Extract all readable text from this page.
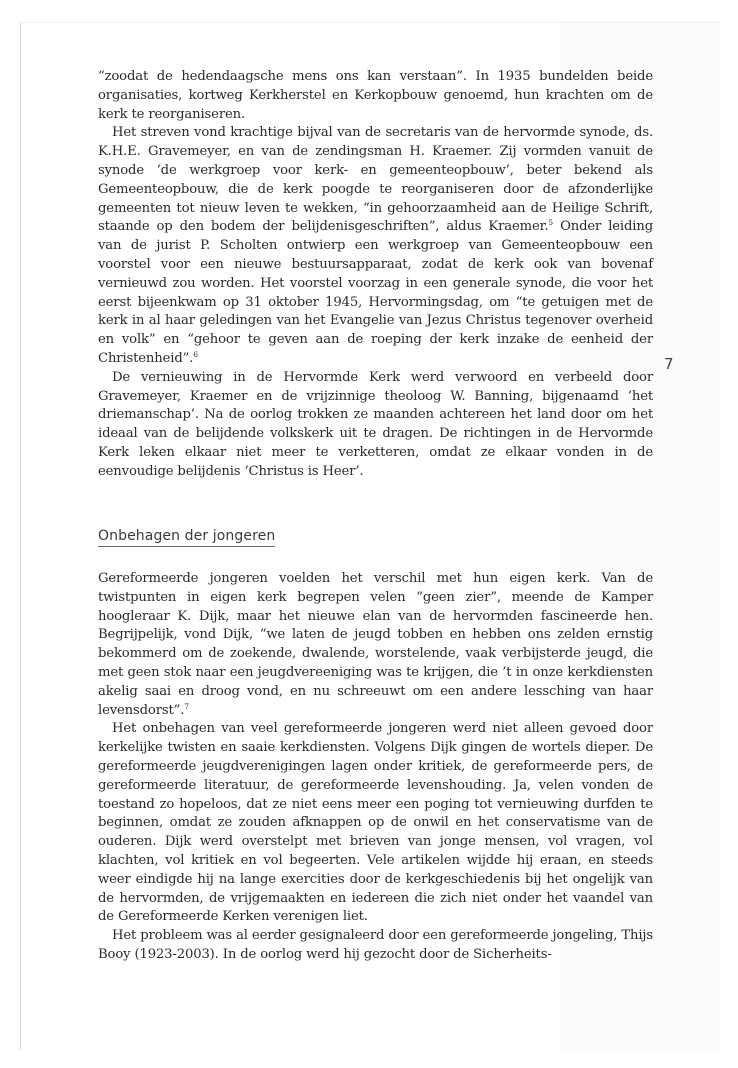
“zoodat de hedendaagsche mens ons kan verstaan”. In 1935 bundelden beide organisaties, kortweg Kerkherstel en Kerkopbouw genoemd, hun krachten om de kerk te reorganiseren.

Het streven vond krachtige bijval van de secretaris van de hervormde synode, ds. K.H.E. Gravemeyer, en van de zendingsman H. Kraemer. Zij vormden vanuit de synode ‘de werkgroep voor kerk- en gemeenteopbouw’, beter bekend als Gemeenteopbouw, die de kerk poogde te reorganiseren door de afzonderlijke gemeenten tot nieuw leven te wekken, “in gehoorzaamheid aan de Heilige Schrift, staande op den bodem der belijdenisgeschriften”, aldus Kraemer.$^5$ Onder leiding van de jurist P. Scholten ontwierp een werkgroep van Gemeenteopbouw een voorstel voor een nieuwe bestuursapparaat, zodat de kerk ook van bovenaf vernieuwd zou worden. Het voorstel voorzag in een generale synode, die voor het eerst bijeenkwam op 31 oktober 1945, Hervormingsdag, om “te getuigen met de kerk in al haar geledingen van het Evangelie van Jezus Christus tegenover overheid en volk” en “gehoor te geven aan de roeping der kerk inzake de eenheid der Christenheid”.$^6$

De vernieuwing in de Hervormde Kerk werd verwoord en verbeeld door Gravemeyer, Kraemer en de vrijzinnige theoloog W. Banning, bijgenaamd ‘het driemanschap’. Na de oorlog trokken ze maanden achtereen het land door om het ideaal van de belijdende volkskerk uit te dragen. De richtingen in de Hervormde Kerk leken elkaar niet meer te verketteren, omdat ze elkaar vonden in de eenvoudige belijdenis ‘Christus is Heer’.

Onbehagen der jongeren

Gereformeerde jongeren voelden het verschil met hun eigen kerk. Van de twistpunten in eigen kerk begrepen velen “geen zier”, meende de Kamper hoogleraar K. Dijk, maar het nieuwe elan van de hervormden fascineerde hen. Begrijpelijk, vond Dijk, “we laten de jeugd tobben en hebben ons zelden ernstig bekommerd om de zoekende, dwalende, worstelende, vaak verbijsterde jeugd, die met geen stok naar een jeugdvereeniging was te krijgen, die ’t in onze kerkdiensten akelig saai en droog vond, en nu schreeuwt om een andere lessching van haar levensdorst”.$^7$

Het onbehagen van veel gereformeerde jongeren werd niet alleen gevoed door kerkelijke twisten en saaie kerkdiensten. Volgens Dijk gingen de wortels dieper. De gereformeerde jeugdverenigingen lagen onder kritiek, de gereformeerde pers, de gereformeerde literatuur, de gereformeerde levenshouding. Ja, velen vonden de toestand zo hopeloos, dat ze niet eens meer een poging tot vernieuwing durfden te beginnen, omdat ze zouden afknappen op de onwil en het conservatisme van de ouderen. Dijk werd overstelpt met brieven van jonge mensen, vol vragen, vol klachten, vol kritiek en vol begeerten. Vele artikelen wijdde hij eraan, en steeds weer eindigde hij na lange exercities door de kerkgeschiedenis bij het ongelijk van de hervormden, de vrijgemaakten en iedereen die zich niet onder het vaandel van de Gereformeerde Kerken verenigen liet.

Het probleem was al eerder gesignaleerd door een gereformeerde jongeling, Thijs Booy (1923-2003). In de oorlog werd hij gezocht door de Sicherheits-

7
